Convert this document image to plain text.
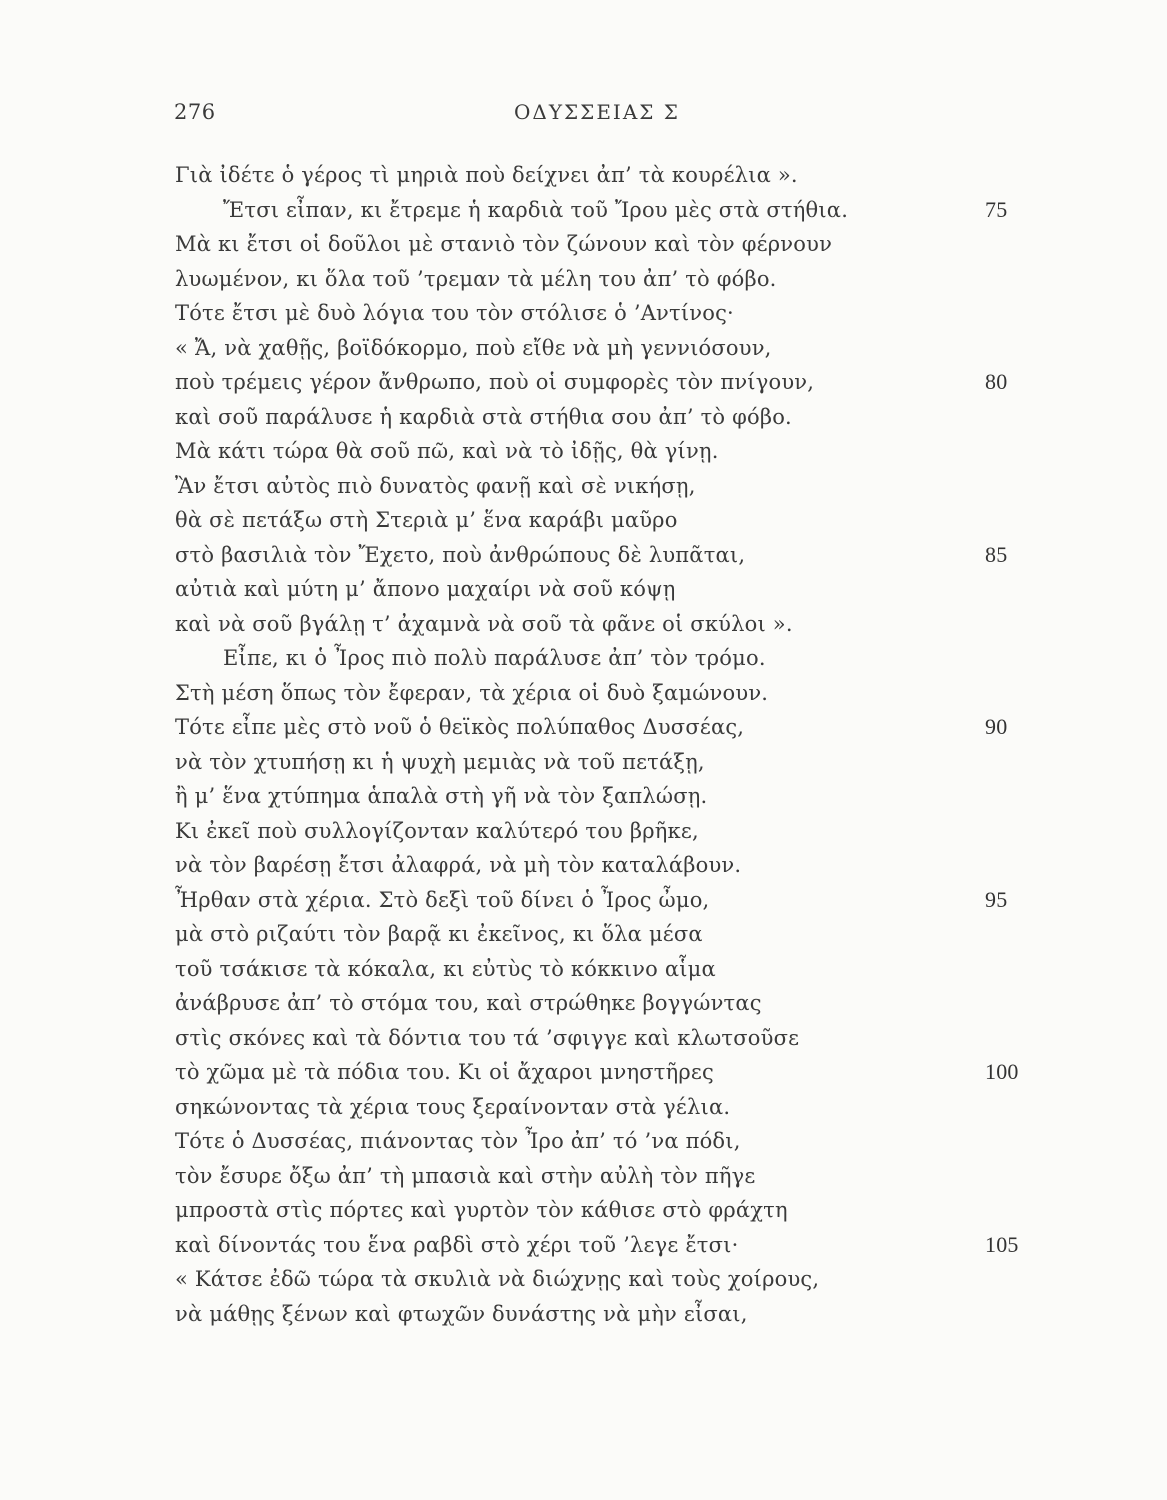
276	ΟΔΥΣΣΕΙΑΣ Σ
Γιὰ ἰδέτε ὁ γέρος τὶ μηριὰ ποὺ δείχνει ἀπ’ τὰ κουρέλια ».
Ἔτσι εἶπαν, κι ἔτρεμε ἡ καρδιὰ τοῦ Ἴρου μὲς στὰ στήθια.	75
Μὰ κι ἔτσι οἱ δοῦλοι μὲ στανιὸ τὸν ζώνουν καὶ τὸν φέρνουν
λυωμένον, κι ὅλα τοῦ ’τρεμαν τὰ μέλη του ἀπ’ τὸ φόβο.
Τότε ἔτσι μὲ δυὸ λόγια του τὸν στόλισε ὁ ’Αντίνος·
« Ἄ, νὰ χαθῇς, βοϊδόκορμο, ποὺ εἴθε νὰ μὴ γεννιόσουν,
ποὺ τρέμεις γέρον ἄνθρωπο, ποὺ οἱ συμφορὲς τὸν πνίγουν,	80
καὶ σοῦ παράλυσε ἡ καρδιὰ στὰ στήθια σου ἀπ’ τὸ φόβο.
Μὰ κάτι τώρα θὰ σοῦ πῶ, καὶ νὰ τὸ ἰδῇς, θὰ γίνῃ.
Ἂν ἔτσι αὐτὸς πιὸ δυνατὸς φανῇ καὶ σὲ νικήσῃ,
θὰ σὲ πετάξω στὴ Στεριὰ μ’ ἕνα καράβι μαῦρο
στὸ βασιλιὰ τὸν Ἔχετο, ποὺ ἀνθρώπους δὲ λυπᾶται,	85
αὐτιὰ καὶ μύτη μ’ ἄπονο μαχαίρι νὰ σοῦ κόψῃ
καὶ νὰ σοῦ βγάλῃ τ’ ἀχαμνὰ νὰ σοῦ τὰ φᾶνε οἱ σκύλοι ».
Εἶπε, κι ὁ Ἶρος πιὸ πολὺ παράλυσε ἀπ’ τὸν τρόμο.
Στὴ μέση ὅπως τὸν ἔφεραν, τὰ χέρια οἱ δυὸ ξαμώνουν.
Τότε εἶπε μὲς στὸ νοῦ ὁ θεϊκὸς πολύπαθος Δυσσέας,	90
νὰ τὸν χτυπήσῃ κι ἡ ψυχὴ μεμιὰς νὰ τοῦ πετάξῃ,
ἢ μ’ ἕνα χτύπημα ἁπαλὰ στὴ γῆ νὰ τὸν ξαπλώσῃ.
Κι ἐκεῖ ποὺ συλλογίζονταν καλύτερό του βρῆκε,
νὰ τὸν βαρέσῃ ἔτσι ἀλαφρά, νὰ μὴ τὸν καταλάβουν.
Ἦρθαν στὰ χέρια. Στὸ δεξὶ τοῦ δίνει ὁ Ἶρος ὦμο,	95
μὰ στὸ ριζαύτι τὸν βαρᾷ κι ἐκεῖνος, κι ὅλα μέσα
τοῦ τσάκισε τὰ κόκαλα, κι εὐτὺς τὸ κόκκινο αἷμα
ἀνάβρυσε ἀπ’ τὸ στόμα του, καὶ στρώθηκε βογγώντας
στὶς σκόνες καὶ τὰ δόντια του τά ’σφιγγε καὶ κλωτσοῦσε
τὸ χῶμα μὲ τὰ πόδια του. Κι οἱ ἄχαροι μνηστῆρες	100
σηκώνοντας τὰ χέρια τους ξεραίνονταν στὰ γέλια.
Τότε ὁ Δυσσέας, πιάνοντας τὸν Ἶρο ἀπ’ τό ’να πόδι,
τὸν ἔσυρε ὄξω ἀπ’ τὴ μπασιὰ καὶ στὴν αὐλὴ τὸν πῆγε
μπροστὰ στὶς πόρτες καὶ γυρτὸν τὸν κάθισε στὸ φράχτη
καὶ δίνοντάς του ἕνα ραβδὶ στὸ χέρι τοῦ ’λεγε ἔτσι·	105
« Κάτσε ἐδῶ τώρα τὰ σκυλιὰ νὰ διώχνῃς καὶ τοὺς χοίρους,
νὰ μάθῃς ξένων καὶ φτωχῶν δυνάστης νὰ μὴν εἶσαι,
